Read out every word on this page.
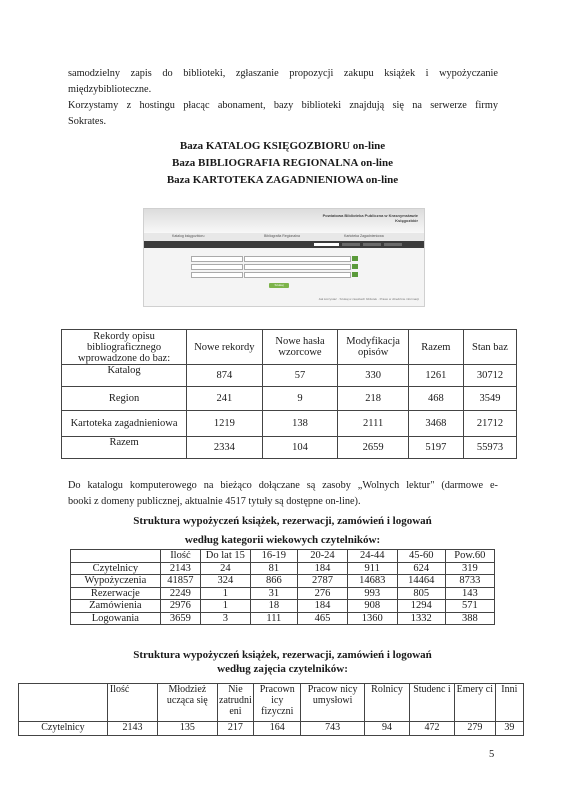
samodzielny zapis do biblioteki, zgłaszanie propozycji zakupu książek i wypożyczanie
międzybiblioteczne.
Korzystamy z hostingu płacąc abonament, bazy biblioteki znajdują się na serwerze firmy
Sokrates.
Baza KATALOG KSIĘGOZBIORU on-line
Baza BIBLIOGRAFIA REGIONALNA on-line
Baza KARTOTEKA ZAGADNIENIOWA on-line
Powiatowa Biblioteka Publiczna w Krasnymstawie
Księgozbiór
Katalog księgozbioru	Bibliografia Regionalna	Kartoteka Zagadnieniowa
Szukaj
Jak korzystać · Szukaj w zasobach bibliotek · Prawo w dziedzinie informacji
Rekordy opisu bibliograficznego wprowadzone do baz:	Nowe rekordy	Nowe hasła wzorcowe	Modyfikacja opisów	Razem	Stan baz
Katalog	874	57	330	1261	30712
Region	241	9	218	468	3549
Kartoteka zagadnieniowa	1219	138	2111	3468	21712
Razem	2334	104	2659	5197	55973
Do katalogu komputerowego na bieżąco dołączane są zasoby „Wolnych lektur" (darmowe e-
booki z domeny publicznej, aktualnie 4517 tytuły są dostępne on-line).
Struktura wypożyczeń książek, rezerwacji, zamówień i logowań
według kategorii wiekowych czytelników:
	Ilość	Do lat 15	16-19	20-24	24-44	45-60	Pow.60
Czytelnicy	2143	24	81	184	911	624	319
Wypożyczenia	41857	324	866	2787	14683	14464	8733
Rezerwacje	2249	1	31	276	993	805	143
Zamówienia	2976	1	18	184	908	1294	571
Logowania	3659	3	111	465	1360	1332	388
Struktura wypożyczeń książek, rezerwacji, zamówień i logowań
według zajęcia czytelników:
	Ilość	Młodzież ucząca się	Nie zatrudni eni	Pracown icy fizyczni	Pracow nicy umysłowi	Rolnicy	Studenc i	Emery ci	Inni
Czytelnicy	2143	135	217	164	743	94	472	279	39
5
